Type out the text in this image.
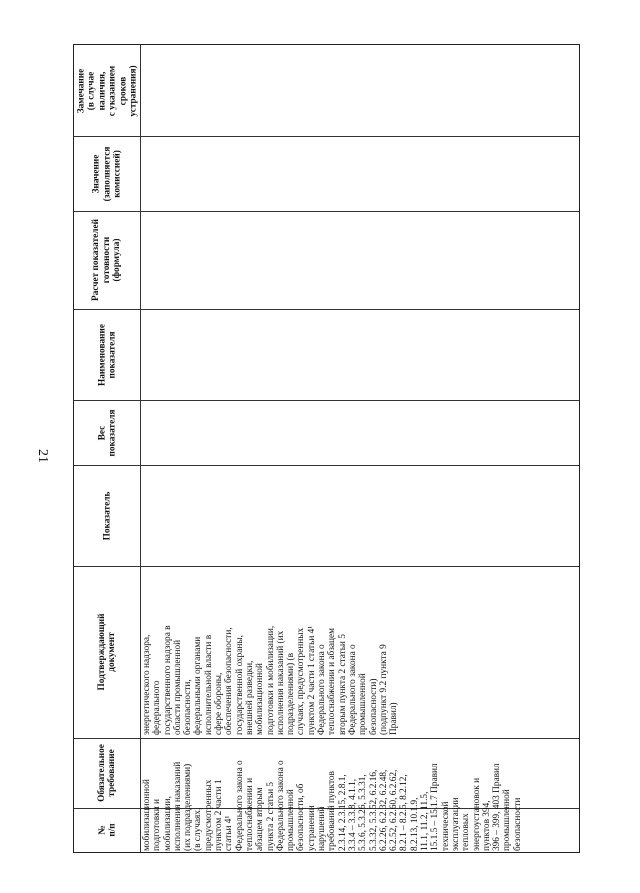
21
№
п/п
Обязательное
требование
Подтверждающий
документ
Показатель
Вес
показателя
Наименование
показателя
Расчет показателей
готовности
(формула)
Значение
(заполняется
комиссией)
Замечание
(в случае
наличия,
с указанием
сроков
устранения)
мобилизационной
подготовки и
мобилизации,
исполнения наказаний
(их подразделениями)
(в случаях,
предусмотренных
пунктом 2 части 1
статьи 4¹
Федерального закона о
теплоснабжении и
абзацем вторым
пункта 2 статьи 5
Федерального закона о
промышленной
безопасности, об
устранении
нарушений
требований пунктов
2.3.14, 2.3.15, 2.8.1,
3.3.4 – 3.3.8, 4.1.1,
5.3.6, 5.3.26, 5.3.31,
5.3.32, 5.3.52, 6.2.16,
6.2.26, 6.2.32, 6.2.48,
6.2.52, 6.2.60, 6.2.62,
8.2.1 – 8.2.5, 8.2.12,
8.2.13, 10.1.9,
11.1, 11.2, 11.5,
15.1.5 – 15.1.7 Правил
технической
эксплуатации
тепловых
энергоустановок и
пунктов 394,
396 – 399, 403 Правил
промышленной
безопасности
энергетического надзора,
федерального
государственного надзора в
области промышленной
безопасности,
федеральными органами
исполнительной власти в
сфере обороны,
обеспечения безопасности,
государственной охраны,
внешней разведки,
мобилизационной
подготовки и мобилизации,
исполнения наказаний (их
подразделениями) (в
случаях, предусмотренных
пунктом 2 части 1 статьи 4¹
Федерального закона о
теплоснабжении и абзацем
вторым пункта 2 статьи 5
Федерального закона о
промышленной
безопасности)
(подпункт 9.2 пункта 9
Правил)
